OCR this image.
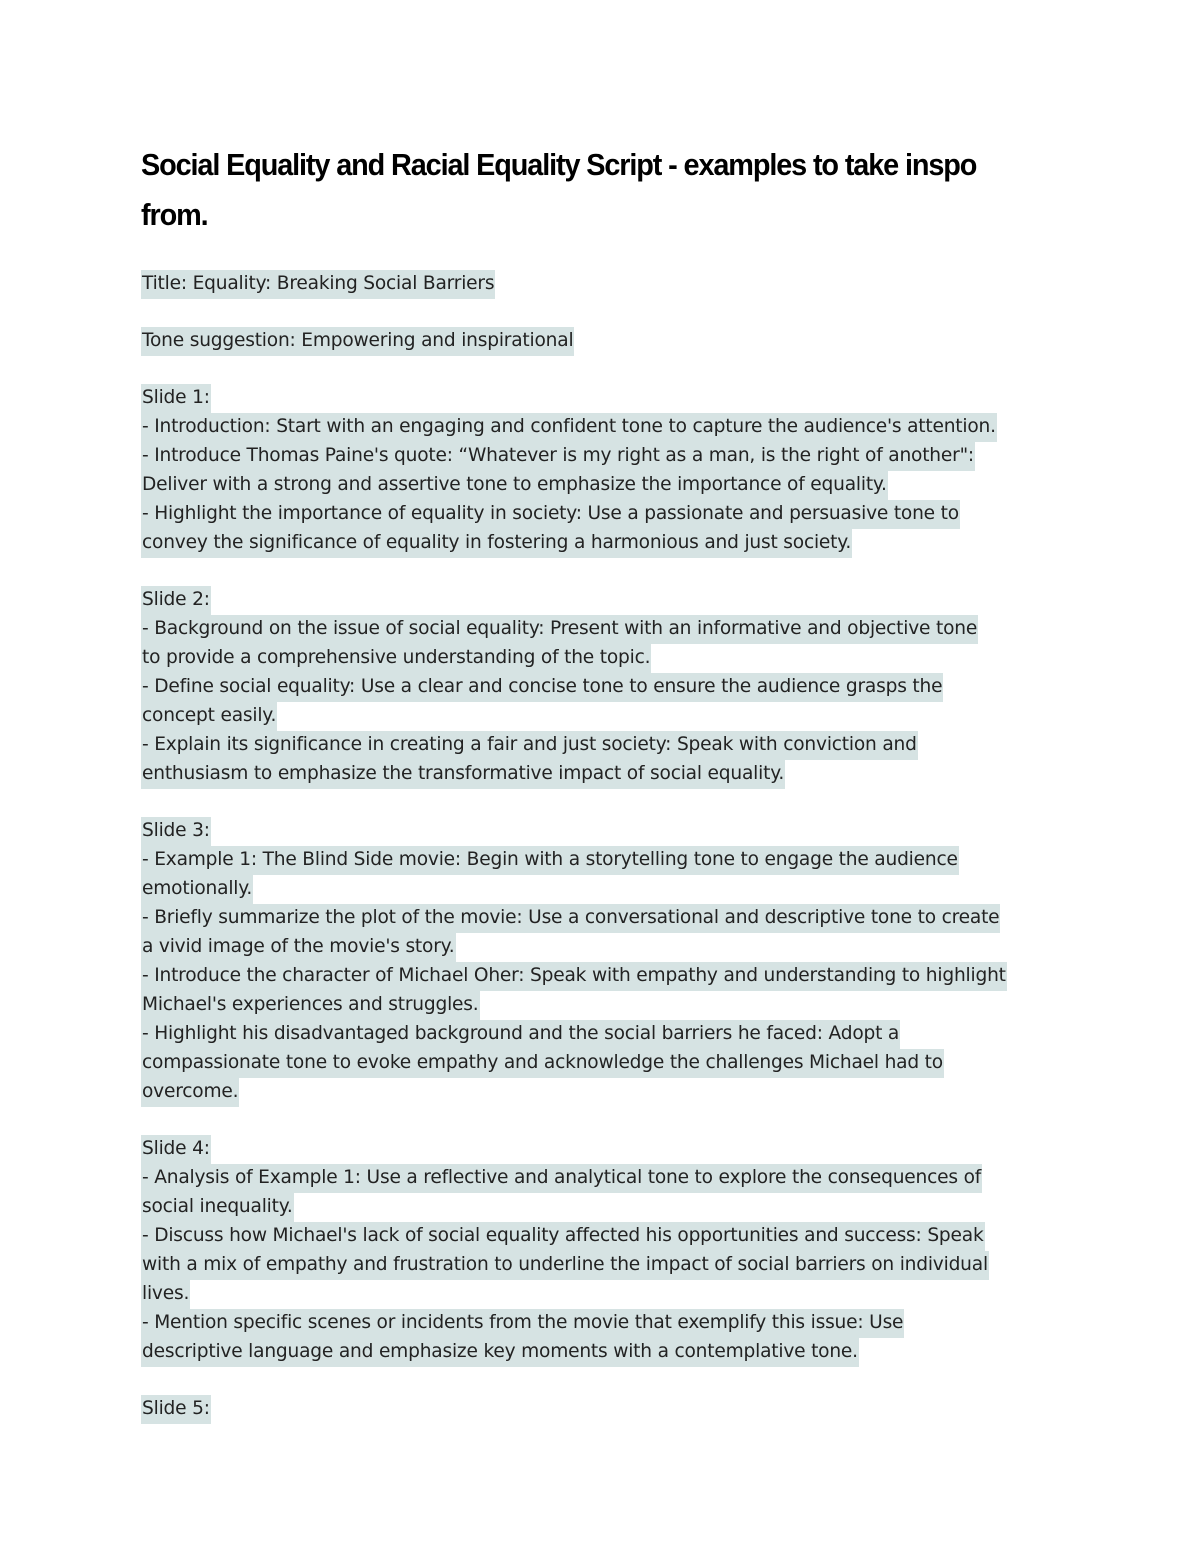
Social Equality and Racial Equality Script - examples to take inspo
from.
Title: Equality: Breaking Social Barriers
Tone suggestion: Empowering and inspirational
Slide 1:
- Introduction: Start with an engaging and confident tone to capture the audience's attention.
- Introduce Thomas Paine's quote: “Whatever is my right as a man, is the right of another":
Deliver with a strong and assertive tone to emphasize the importance of equality.
- Highlight the importance of equality in society: Use a passionate and persuasive tone to
convey the significance of equality in fostering a harmonious and just society.
Slide 2:
- Background on the issue of social equality: Present with an informative and objective tone
to provide a comprehensive understanding of the topic.
- Define social equality: Use a clear and concise tone to ensure the audience grasps the
concept easily.
- Explain its significance in creating a fair and just society: Speak with conviction and
enthusiasm to emphasize the transformative impact of social equality.
Slide 3:
- Example 1: The Blind Side movie: Begin with a storytelling tone to engage the audience
emotionally.
- Briefly summarize the plot of the movie: Use a conversational and descriptive tone to create
a vivid image of the movie's story.
- Introduce the character of Michael Oher: Speak with empathy and understanding to highlight
Michael's experiences and struggles.
- Highlight his disadvantaged background and the social barriers he faced: Adopt a
compassionate tone to evoke empathy and acknowledge the challenges Michael had to
overcome.
Slide 4:
- Analysis of Example 1: Use a reflective and analytical tone to explore the consequences of
social inequality.
- Discuss how Michael's lack of social equality affected his opportunities and success: Speak
with a mix of empathy and frustration to underline the impact of social barriers on individual
lives.
- Mention specific scenes or incidents from the movie that exemplify this issue: Use
descriptive language and emphasize key moments with a contemplative tone.
Slide 5:
